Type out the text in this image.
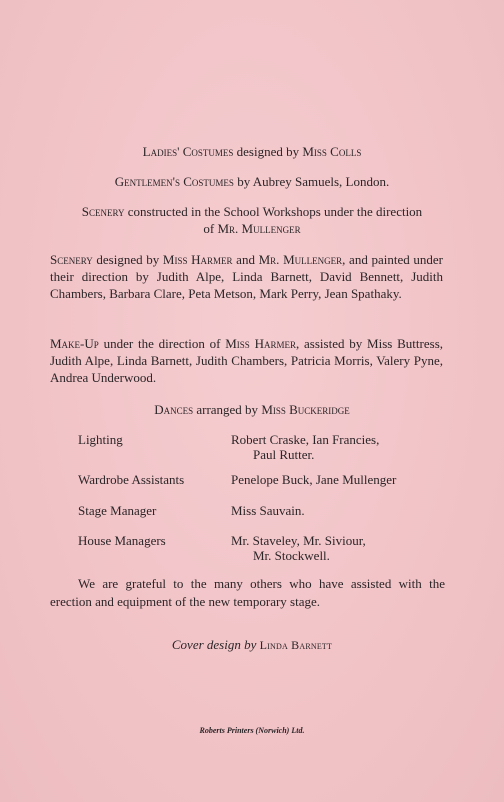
Ladies' Costumes designed by Miss Colls
Gentlemen's Costumes by Aubrey Samuels, London.
Scenery constructed in the School Workshops under the direction
of Mr. Mullenger
Scenery designed by Miss Harmer and Mr. Mullenger, and painted under their direction by Judith Alpe, Linda Barnett, David Bennett, Judith Chambers, Barbara Clare, Peta Metson, Mark Perry, Jean Spathaky.
Make-Up under the direction of Miss Harmer, assisted by Miss Buttress, Judith Alpe, Linda Barnett, Judith Chambers, Patricia Morris, Valery Pyne, Andrea Underwood.
Dances arranged by Miss Buckeridge
Lighting	Robert Craske, Ian Francies,
Paul Rutter.
Wardrobe Assistants	Penelope Buck, Jane Mullenger
Stage Manager	Miss Sauvain.
House Managers	Mr. Staveley, Mr. Siviour,
Mr. Stockwell.
We are grateful to the many others who have assisted with the erection and equipment of the new temporary stage.
Cover design by Linda Barnett
Roberts Printers (Norwich) Ltd.
